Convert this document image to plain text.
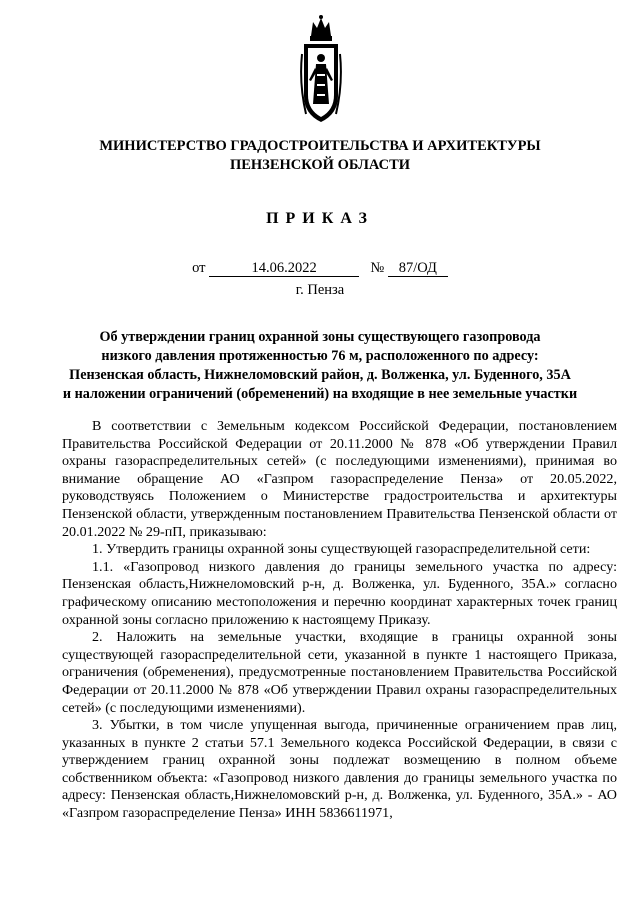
МИНИСТЕРСТВО ГРАДОСТРОИТЕЛЬСТВА И АРХИТЕКТУРЫ
ПЕНЗЕНСКОЙ ОБЛАСТИ
ПРИКАЗ
от	14.06.2022	№ 87/ОД
г. Пенза
Об утверждении границ охранной зоны существующего газопровода
низкого давления протяженностью 76 м, расположенного по адресу:
Пензенская область, Нижнеломовский район, д. Волженка, ул. Буденного, 35А
и наложении ограничений (обременений) на входящие в нее земельные участки

В соответствии с Земельным кодексом Российской Федерации, постановлением Правительства Российской Федерации от 20.11.2000 № 878 «Об утверждении Правил охраны газораспределительных сетей» (с последующими изменениями), принимая во внимание обращение АО «Газпром газораспределение Пенза» от 20.05.2022, руководствуясь Положением о Министерстве градостроительства и архитектуры Пензенской области, утвержденным постановлением Правительства Пензенской области от 20.01.2022 № 29-пП, приказываю:

1. Утвердить границы охранной зоны существующей газораспределительной сети:

1.1. «Газопровод низкого давления до границы земельного участка по адресу: Пензенская область,Нижнеломовский р-н, д. Волженка, ул. Буденного, 35А.» согласно графическому описанию местоположения и перечню координат характерных точек границ охранной зоны согласно приложению к настоящему Приказу.

2. Наложить на земельные участки, входящие в границы охранной зоны существующей газораспределительной сети, указанной в пункте 1 настоящего Приказа, ограничения (обременения), предусмотренные постановлением Правительства Российской Федерации от 20.11.2000 № 878 «Об утверждении Правил охраны газораспределительных сетей» (с последующими изменениями).

3. Убытки, в том числе упущенная выгода, причиненные ограничением прав лиц, указанных в пункте 2 статьи 57.1 Земельного кодекса Российской Федерации, в связи с утверждением границ охранной зоны подлежат возмещению в полном объеме собственником объекта: «Газопровод низкого давления до границы земельного участка по адресу: Пензенская область,Нижнеломовский р-н, д. Волженка, ул. Буденного, 35А.» - АО «Газпром газораспределение Пенза» ИНН 5836611971,
